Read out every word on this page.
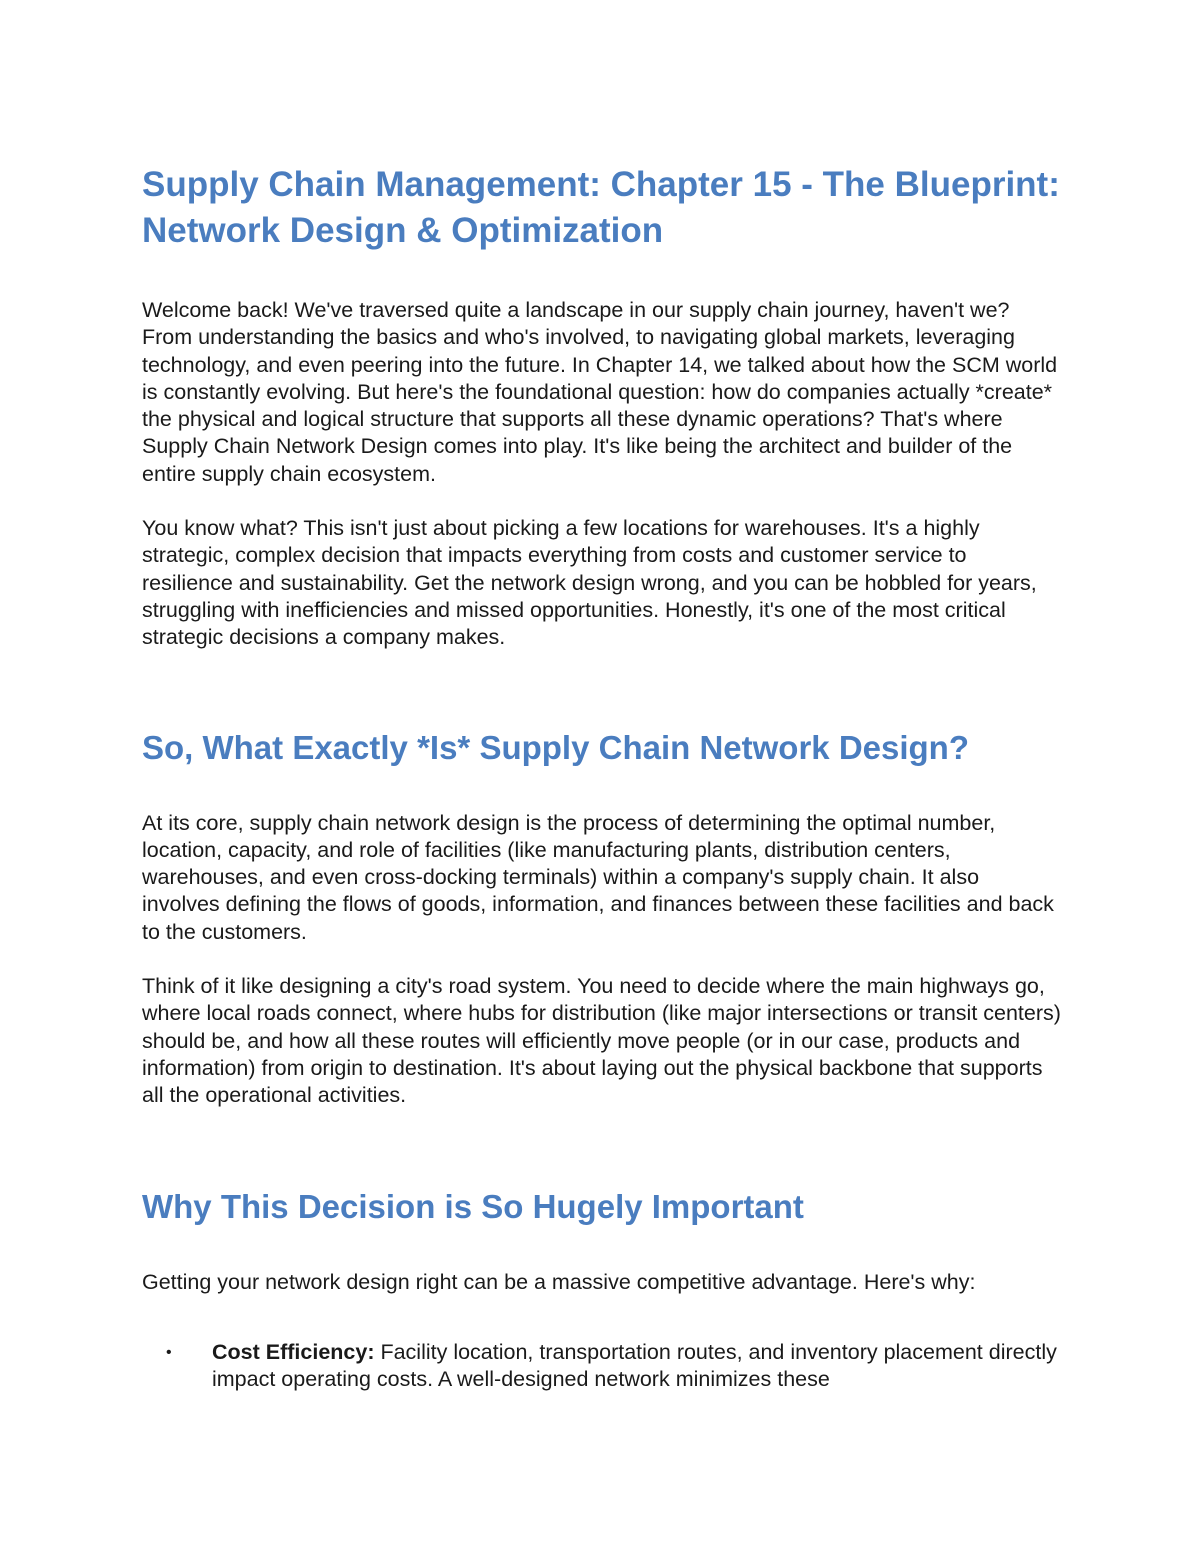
Supply Chain Management: Chapter 15 - The Blueprint: Network Design & Optimization

Welcome back! We've traversed quite a landscape in our supply chain journey, haven't we? From understanding the basics and who's involved, to navigating global markets, leveraging technology, and even peering into the future. In Chapter 14, we talked about how the SCM world is constantly evolving. But here's the foundational question: how do companies actually *create* the physical and logical structure that supports all these dynamic operations? That's where Supply Chain Network Design comes into play. It's like being the architect and builder of the entire supply chain ecosystem.

You know what? This isn't just about picking a few locations for warehouses. It's a highly strategic, complex decision that impacts everything from costs and customer service to resilience and sustainability. Get the network design wrong, and you can be hobbled for years, struggling with inefficiencies and missed opportunities. Honestly, it's one of the most critical strategic decisions a company makes.

So, What Exactly *Is* Supply Chain Network Design?

At its core, supply chain network design is the process of determining the optimal number, location, capacity, and role of facilities (like manufacturing plants, distribution centers, warehouses, and even cross-docking terminals) within a company's supply chain. It also involves defining the flows of goods, information, and finances between these facilities and back to the customers.

Think of it like designing a city's road system. You need to decide where the main highways go, where local roads connect, where hubs for distribution (like major intersections or transit centers) should be, and how all these routes will efficiently move people (or in our case, products and information) from origin to destination. It's about laying out the physical backbone that supports all the operational activities.

Why This Decision is So Hugely Important

Getting your network design right can be a massive competitive advantage. Here's why:

• Cost Efficiency: Facility location, transportation routes, and inventory placement directly impact operating costs. A well-designed network minimizes these
